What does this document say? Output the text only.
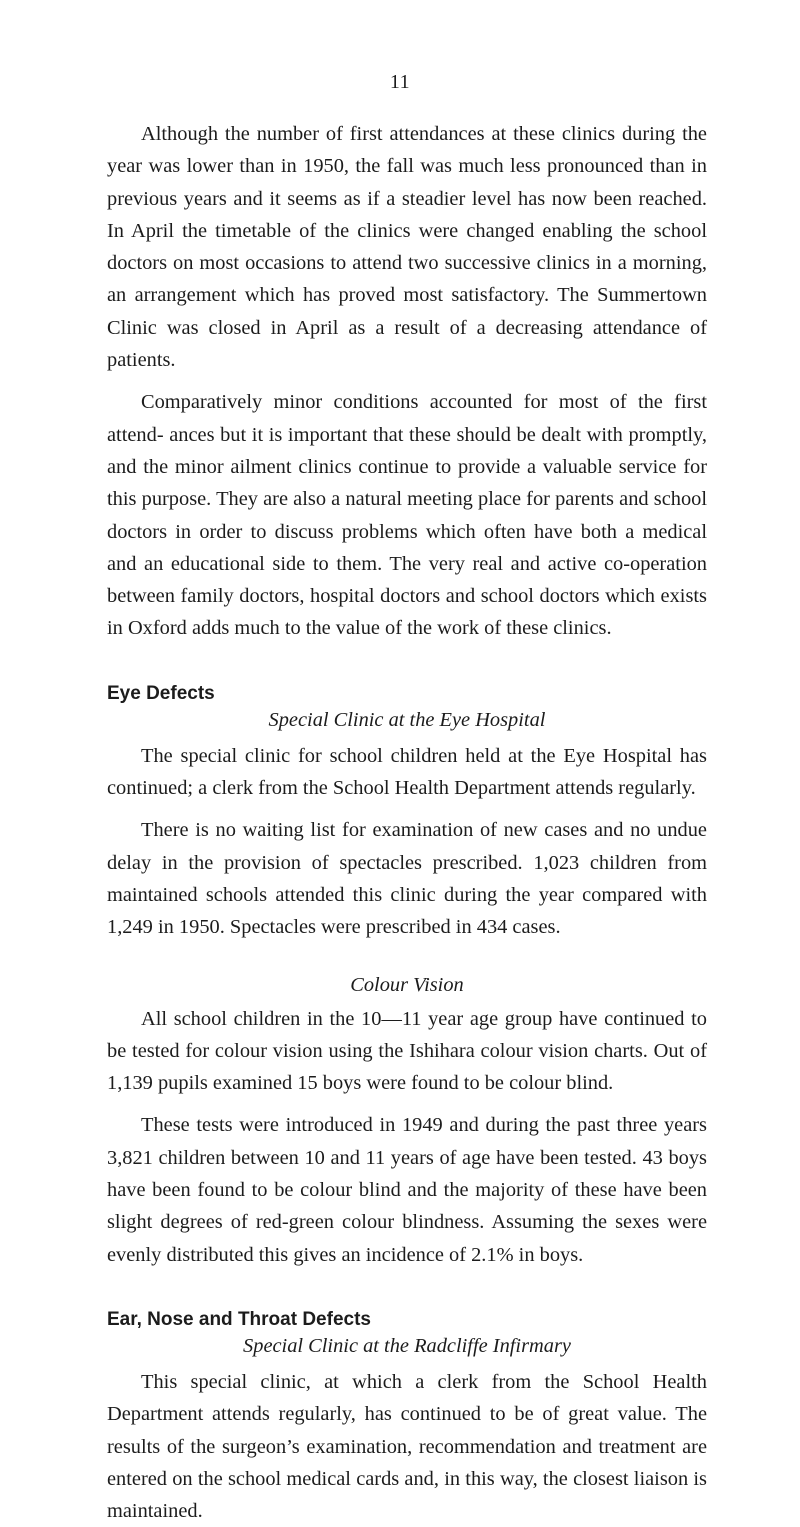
11

Although the number of first attendances at these clinics during the year was lower than in 1950, the fall was much less pronounced than in previous years and it seems as if a steadier level has now been reached. In April the timetable of the clinics were changed enabling the school doctors on most occasions to attend two successive clinics in a morning, an arrangement which has proved most satisfactory. The Summertown Clinic was closed in April as a result of a decreasing attendance of patients.

Comparatively minor conditions accounted for most of the first attend- ances but it is important that these should be dealt with promptly, and the minor ailment clinics continue to provide a valuable service for this purpose. They are also a natural meeting place for parents and school doctors in order to discuss problems which often have both a medical and an educational side to them. The very real and active co-operation between family doctors, hospital doctors and school doctors which exists in Oxford adds much to the value of the work of these clinics.

Eye Defects

Special Clinic at the Eye Hospital

The special clinic for school children held at the Eye Hospital has continued; a clerk from the School Health Department attends regularly.

There is no waiting list for examination of new cases and no undue delay in the provision of spectacles prescribed. 1,023 children from maintained schools attended this clinic during the year compared with 1,249 in 1950. Spectacles were prescribed in 434 cases.

Colour Vision

All school children in the 10—11 year age group have continued to be tested for colour vision using the Ishihara colour vision charts. Out of 1,139 pupils examined 15 boys were found to be colour blind.

These tests were introduced in 1949 and during the past three years 3,821 children between 10 and 11 years of age have been tested. 43 boys have been found to be colour blind and the majority of these have been slight degrees of red-green colour blindness. Assuming the sexes were evenly distributed this gives an incidence of 2.1% in boys.

Ear, Nose and Throat Defects

Special Clinic at the Radcliffe Infirmary

This special clinic, at which a clerk from the School Health Department attends regularly, has continued to be of great value. The results of the surgeon’s examination, recommendation and treatment are entered on the school medical cards and, in this way, the closest liaison is maintained.
